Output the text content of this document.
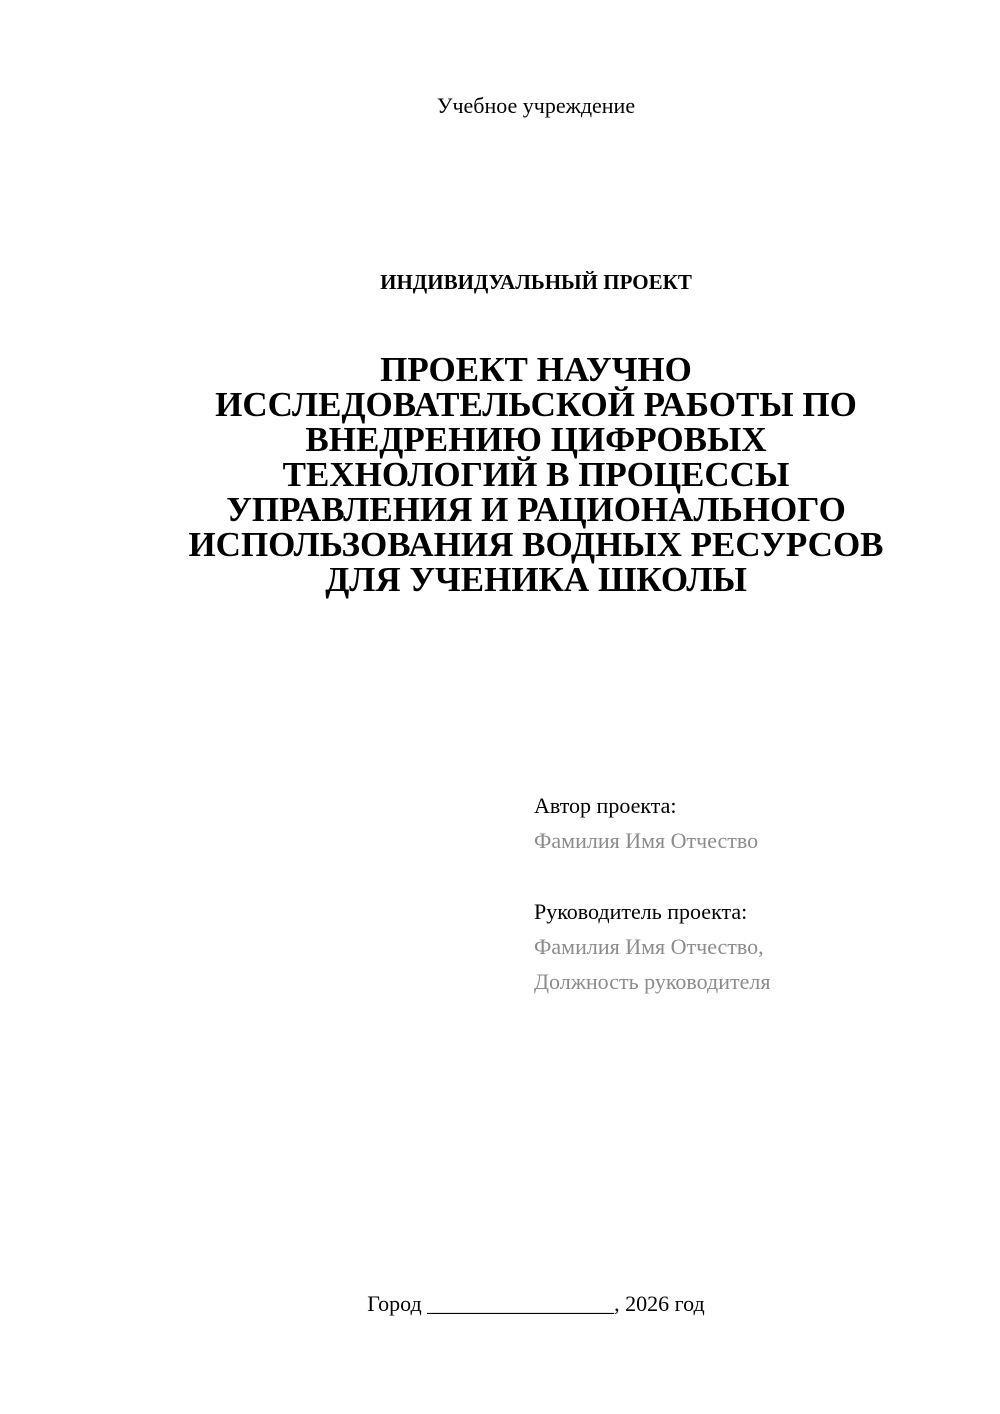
Учебное учреждение
ИНДИВИДУАЛЬНЫЙ ПРОЕКТ
ПРОЕКТ НАУЧНО
ИССЛЕДОВАТЕЛЬСКОЙ РАБОТЫ ПО
ВНЕДРЕНИЮ ЦИФРОВЫХ
ТЕХНОЛОГИЙ В ПРОЦЕССЫ
УПРАВЛЕНИЯ И РАЦИОНАЛЬНОГО
ИСПОЛЬЗОВАНИЯ ВОДНЫХ РЕСУРСОВ
ДЛЯ УЧЕНИКА ШКОЛЫ
Автор проекта:
Фамилия Имя Отчество
Руководитель проекта:
Фамилия Имя Отчество,
Должность руководителя
Город _________________, 2026 год
